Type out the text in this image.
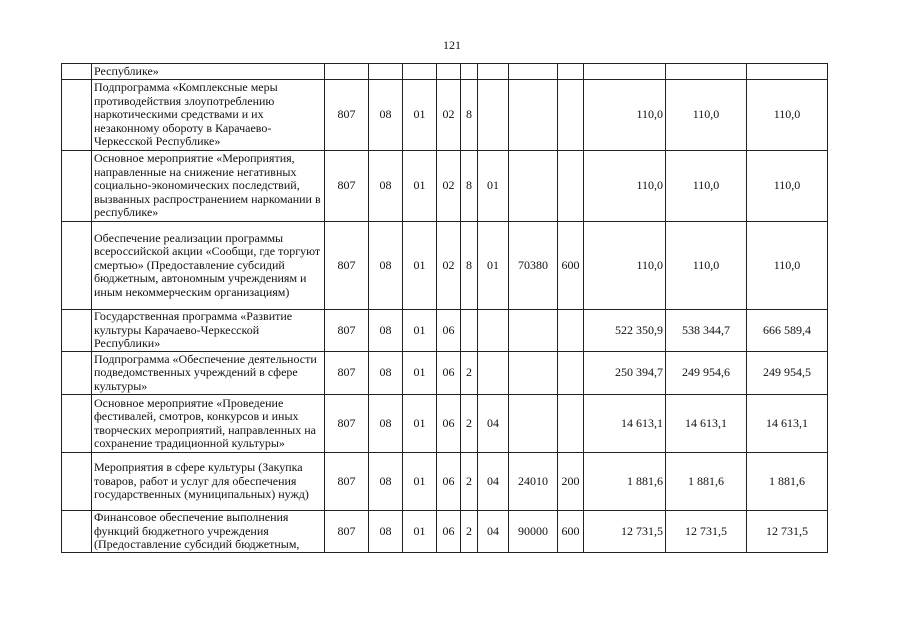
121
	Республике»											
	Подпрограмма «Комплексные меры противодействия злоупотреблению наркотическими средствами и их незаконному обороту в Карачаево-Черкесской Республике»	807	08	01	02	8				110,0	110,0	110,0
	Основное мероприятие «Мероприятия, направленные на снижение негативных социально-экономических последствий, вызванных распространением наркомании в республике»	807	08	01	02	8	01			110,0	110,0	110,0
	Обеспечение реализации программы всероссийской акции «Сообщи, где торгуют смертью» (Предоставление субсидий бюджетным, автономным учреждениям и иным некоммерческим организациям)	807	08	01	02	8	01	70380	600	110,0	110,0	110,0
	Государственная программа «Развитие культуры Карачаево-Черкесской Республики»	807	08	01	06					522 350,9	538 344,7	666 589,4
	Подпрограмма «Обеспечение деятельности подведомственных учреждений в сфере культуры»	807	08	01	06	2				250 394,7	249 954,6	249 954,5
	Основное мероприятие «Проведение фестивалей, смотров, конкурсов и иных творческих мероприятий, направленных на сохранение традиционной культуры»	807	08	01	06	2	04			14 613,1	14 613,1	14 613,1
	Мероприятия в сфере культуры (Закупка товаров, работ и услуг для обеспечения государственных (муниципальных) нужд)	807	08	01	06	2	04	24010	200	1 881,6	1 881,6	1 881,6
	Финансовое обеспечение выполнения функций бюджетного учреждения (Предоставление субсидий бюджетным,	807	08	01	06	2	04	90000	600	12 731,5	12 731,5	12 731,5
